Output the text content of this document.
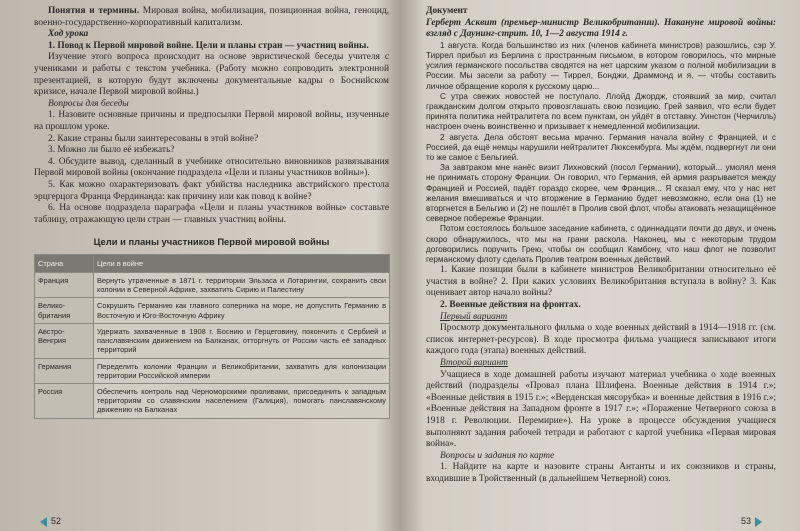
Понятия и термины. Мировая война, мобилизация, позиционная война, геноцид, военно-государственно-корпоративный капитализм.

Ход урока

1. Повод к Первой мировой войне. Цели и планы стран — участниц войны.

Изучение этого вопроса происходит на основе эвристической беседы учителя с учениками и работы с текстом учебника. (Работу можно сопроводить электронной презентацией, в которую будут включены документальные кадры о Боснийском кризисе, начале Первой мировой войны.)

Вопросы для беседы

1. Назовите основные причины и предпосылки Первой мировой войны, изученные на прошлом уроке.

2. Какие страны были заинтересованы в этой войне?

3. Можно ли было её избежать?

4. Обсудите вывод, сделанный в учебнике относительно виновников развязывания Первой мировой войны (окончание подраздела «Цели и планы участников войны»).

5. Как можно охарактеризовать факт убийства наследника австрийского престола эрцгерцога Франца Фердинанда: как причину или как повод к войне?

6. На основе подраздела параграфа «Цели и планы участников войны» составьте таблицу, отражающую цели стран — главных участниц войны.

Цели и планы участников Первой мировой войны
Страна	Цели в войне
Франция	Вернуть утраченные в 1871 г. территории Эльзаса и Лотарингии, сохранить свои колонии в Северной Африке, захватить Сирию и Палестину
Велико-британия	Сокрушить Германию как главного соперника на море, не допустить Германию в Восточную и Юго-Восточную Африку
Австро-Венгрия	Удержать захваченные в 1908 г. Боснию и Герцеговину, покончить с Сербией и панславянским движением на Балканах, отторгнуть от России часть её западных территорий
Германия	Переделить колонии Франции и Великобритании, захватить для колонизации территории Российской империи
Россия	Обеспечить контроль над Черноморскими проливами, присоединить к западным территориям со славянским населением (Галиция), помогать панславянскому движению на Балканах
52

Документ

Герберт Асквит (премьер-министр Великобритании). Накануне мировой войны: взгляд с Даунинг-стрит. 10, 1—2 августа 1914 г.

1 августа. Когда большинство из них (членов кабинета министров) разошлись, сэр У. Тиррел прибыл из Берлина с пространным письмом, в котором говорилось, что мирные усилия германского посольства сводятся на нет царским указом о полной мобилизации в России. Мы засели за работу — Тиррел, Бонджи, Драммонд и я, — чтобы составить личное обращение короля к русскому царю...

С утра свежих новостей не поступало. Ллойд Джордж, стоявший за мир, считал гражданским долгом открыто провозглашать свою позицию. Грей заявил, что если будет принята политика нейтралитета по всем пунктам, он уйдёт в отставку. Уинстон (Черчилль) настроен очень воинственно и призывает к немедленной мобилизации.

2 августа. Дела обстоят весьма мрачно. Германия начала войну с Францией, и с Россией, да ещё немцы нарушили нейтралитет Люксембурга. Мы ждём, подвергнут ли они то же самое с Бельгией.

За завтраком мне нанёс визит Лихновский (посол Германии), который... умолял меня не принимать сторону Франции. Он говорил, что Германия, ей армия разрывается между Францией и Россией, падёт гораздо скорее, чем Франция... Я сказал ему, что у нас нет желания вмешиваться и что вторжение в Германию будет невозможно, если она (1) не вторгнется в Бельгию и (2) не пошлёт в Пролив свой флот, чтобы атаковать незащищённое северное побережье Франции.

Потом состоялось большое заседание кабинета, с одиннадцати почти до двух, и очень скоро обнаружилось, что мы на грани раскола. Наконец, мы с некоторым трудом договорились поручить Грею, чтобы он сообщил Камбону, что наш флот не позволит германскому флоту сделать Пролив театром военных действий.

1. Какие позиции были в кабинете министров Великобритании относительно её участия в войне? 2. При каких условиях Великобритания вступала в войну? 3. Как оценивает автор начало войны?

2. Военные действия на фронтах.

Первый вариант

Просмотр документального фильма о ходе военных действий в 1914—1918 гг. (см. список интернет-ресурсов). В ходе просмотра фильма учащиеся записывают итоги каждого года (этапа) военных действий.

Второй вариант

Учащиеся в ходе домашней работы изучают материал учебника о ходе военных действий (подразделы «Провал плана Шлифена. Военные действия в 1914 г.»; «Военные действия в 1915 г.»; «Верденская мясорубка» и военные действия в 1916 г.»; «Военные действия на Западном фронте в 1917 г.»; «Поражение Четверного союза в 1918 г. Революции. Перемирие»). На уроке в процессе обсуждения учащиеся выполняют задания рабочей тетради и работают с картой учебника «Первая мировая война».

Вопросы и задания по карте

1. Найдите на карте и назовите страны Антанты и их союзников и страны, входившие в Тройственный (в дальнейшем Четверной) союз.

53
